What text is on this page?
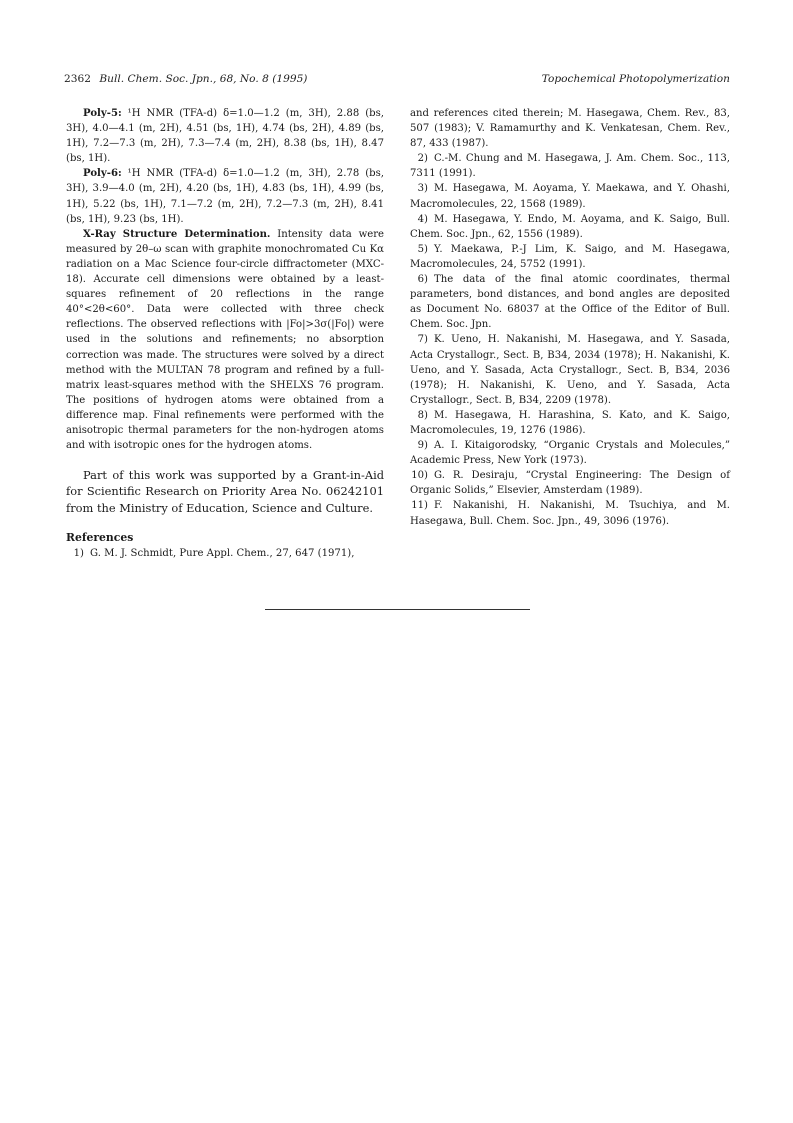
2362 Bull. Chem. Soc. Jpn., 68, No. 8 (1995)	Topochemical Photopolymerization

Poly-5: ¹H NMR (TFA-d) δ=1.0—1.2 (m, 3H), 2.88 (bs, 3H), 4.0—4.1 (m, 2H), 4.51 (bs, 1H), 4.74 (bs, 2H), 4.89 (bs, 1H), 7.2—7.3 (m, 2H), 7.3—7.4 (m, 2H), 8.38 (bs, 1H), 8.47 (bs, 1H).

Poly-6: ¹H NMR (TFA-d) δ=1.0—1.2 (m, 3H), 2.78 (bs, 3H), 3.9—4.0 (m, 2H), 4.20 (bs, 1H), 4.83 (bs, 1H), 4.99 (bs, 1H), 5.22 (bs, 1H), 7.1—7.2 (m, 2H), 7.2—7.3 (m, 2H), 8.41 (bs, 1H), 9.23 (bs, 1H).

X-Ray Structure Determination. Intensity data were measured by 2θ–ω scan with graphite monochromated Cu Kα radiation on a Mac Science four-circle diffractometer (MXC-18). Accurate cell dimensions were obtained by a least-squares refinement of 20 reflections in the range 40°<2θ<60°. Data were collected with three check reflections. The observed reflections with |Fo|>3σ(|Fo|) were used in the solutions and refinements; no absorption correction was made. The structures were solved by a direct method with the MULTAN 78 program and refined by a full-matrix least-squares method with the SHELXS 76 program. The positions of hydrogen atoms were obtained from a difference map. Final refinements were performed with the anisotropic thermal parameters for the non-hydrogen atoms and with isotropic ones for the hydrogen atoms.

Part of this work was supported by a Grant-in-Aid for Scientific Research on Priority Area No. 06242101 from the Ministry of Education, Science and Culture.

References

1) G. M. J. Schmidt, Pure Appl. Chem., 27, 647 (1971),

and references cited therein; M. Hasegawa, Chem. Rev., 83, 507 (1983); V. Ramamurthy and K. Venkatesan, Chem. Rev., 87, 433 (1987).

2) C.-M. Chung and M. Hasegawa, J. Am. Chem. Soc., 113, 7311 (1991).

3) M. Hasegawa, M. Aoyama, Y. Maekawa, and Y. Ohashi, Macromolecules, 22, 1568 (1989).

4) M. Hasegawa, Y. Endo, M. Aoyama, and K. Saigo, Bull. Chem. Soc. Jpn., 62, 1556 (1989).

5) Y. Maekawa, P.-J Lim, K. Saigo, and M. Hasegawa, Macromolecules, 24, 5752 (1991).

6) The data of the final atomic coordinates, thermal parameters, bond distances, and bond angles are deposited as Document No. 68037 at the Office of the Editor of Bull. Chem. Soc. Jpn.

7) K. Ueno, H. Nakanishi, M. Hasegawa, and Y. Sasada, Acta Crystallogr., Sect. B, B34, 2034 (1978); H. Nakanishi, K. Ueno, and Y. Sasada, Acta Crystallogr., Sect. B, B34, 2036 (1978); H. Nakanishi, K. Ueno, and Y. Sasada, Acta Crystallogr., Sect. B, B34, 2209 (1978).

8) M. Hasegawa, H. Harashina, S. Kato, and K. Saigo, Macromolecules, 19, 1276 (1986).

9) A. I. Kitaigorodsky, “Organic Crystals and Molecules,” Academic Press, New York (1973).

10) G. R. Desiraju, “Crystal Engineering: The Design of Organic Solids,” Elsevier, Amsterdam (1989).

11) F. Nakanishi, H. Nakanishi, M. Tsuchiya, and M. Hasegawa, Bull. Chem. Soc. Jpn., 49, 3096 (1976).
